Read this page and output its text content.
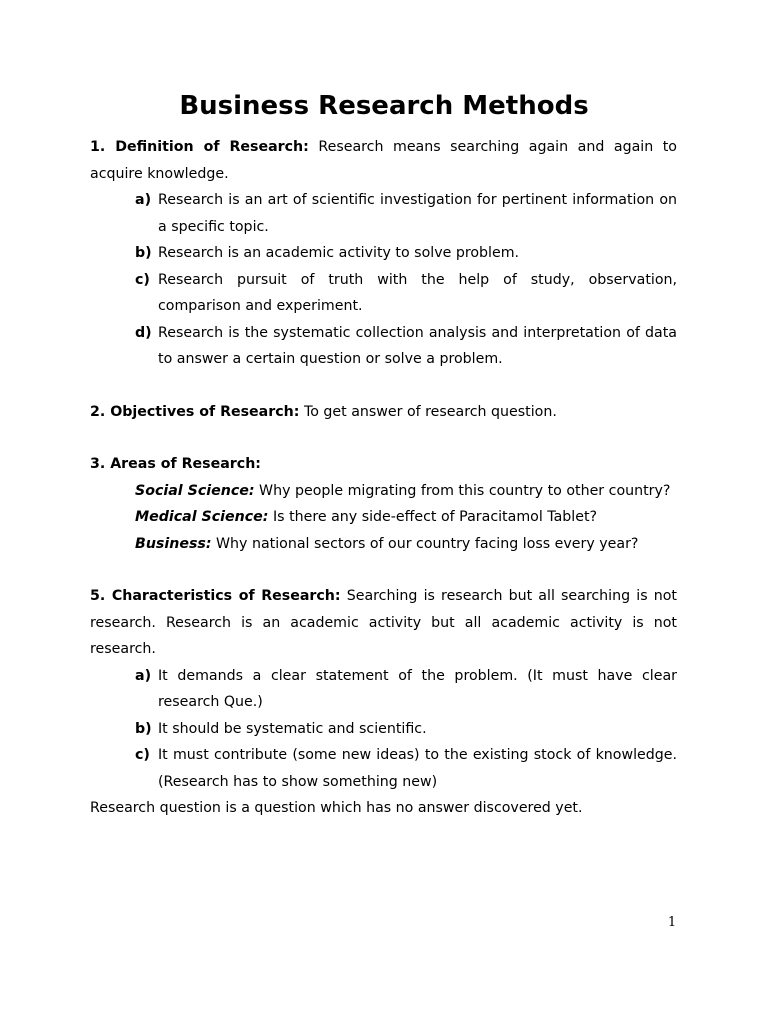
Business Research Methods

1. Definition of Research: Research means searching again and again to acquire knowledge.

a) Research is an art of scientific investigation for pertinent information on a specific topic.

b) Research is an academic activity to solve problem.

c) Research pursuit of truth with the help of study, observation, comparison and experiment.

d) Research is the systematic collection analysis and interpretation of data to answer a certain question or solve a problem.

2. Objectives of Research: To get answer of research question.

3. Areas of Research:

Social Science: Why people migrating from this country to other country?

Medical Science: Is there any side-effect of Paracitamol Tablet?

Business: Why national sectors of our country facing loss every year?

5. Characteristics of Research: Searching is research but all searching is not research. Research is an academic activity but all academic activity is not research.

a) It demands a clear statement of the problem. (It must have clear research Que.)

b) It should be systematic and scientific.

c) It must contribute (some new ideas) to the existing stock of knowledge. (Research has to show something new)

Research question is a question which has no answer discovered yet.

1
